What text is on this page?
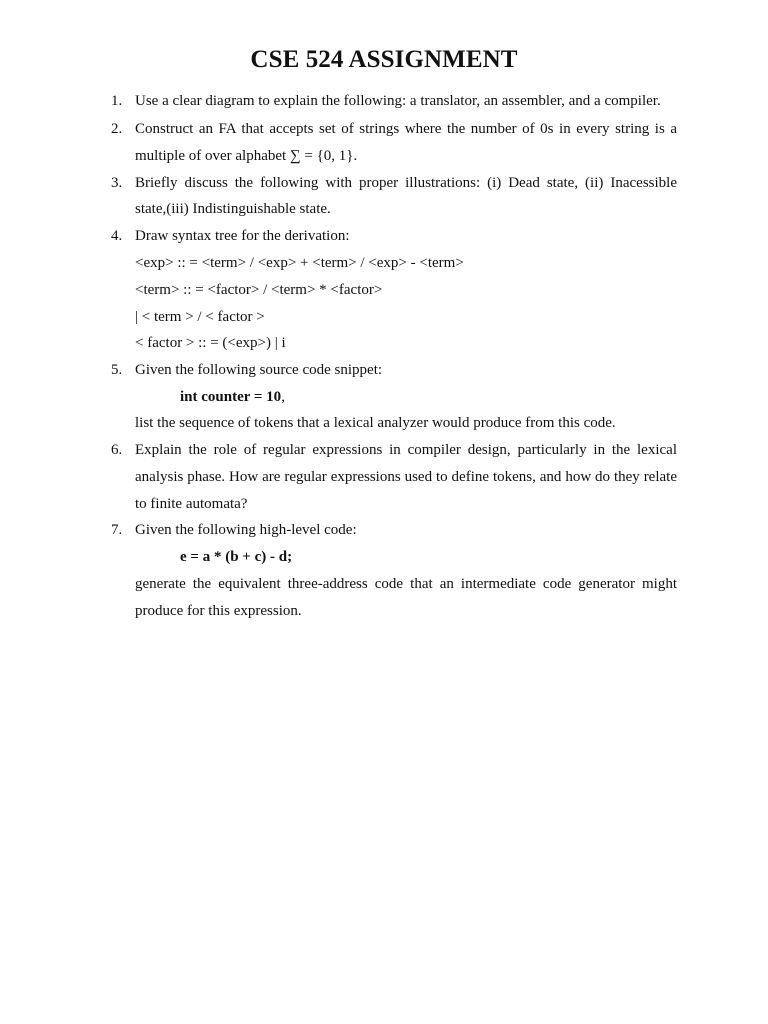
CSE 524 ASSIGNMENT
1. Use a clear diagram to explain the following: a translator, an assembler, and a compiler.
2. Construct an FA that accepts set of strings where the number of 0s in every string is a
multiple of over alphabet ∑ = {0, 1}.
3. Briefly discuss the following with proper illustrations: (i) Dead state, (ii) Inacessible
state,(iii) Indistinguishable state.
4. Draw syntax tree for the derivation:
<exp> :: = <term> / <exp> + <term> / <exp> - <term>
<term> :: = <factor> / <term> * <factor>
| < term > / < factor >
< factor > :: = (<exp>) | i
5. Given the following source code snippet:
int counter = 10,
list the sequence of tokens that a lexical analyzer would produce from this code.
6. Explain the role of regular expressions in compiler design, particularly in the lexical
analysis phase. How are regular expressions used to define tokens, and how do they relate
to finite automata?
7. Given the following high-level code:
e = a * (b + c) - d;
generate the equivalent three-address code that an intermediate code generator might
produce for this expression.
